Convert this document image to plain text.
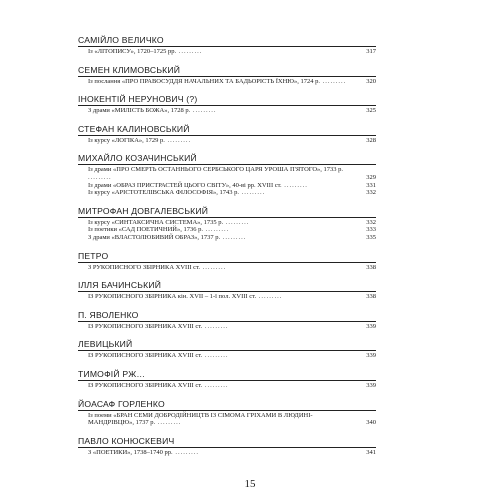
САМІЙЛО ВЕЛИЧКО
Із «ЛІТОПИСУ», 1720–1725 рр. .........	317
СЕМЕН КЛИМОВСЬКИЙ
Із послання «ПРО ПРАВОСУДДЯ НАЧАЛЬНИХ ТА БАДЬОРІСТЬ ЇХНЮ», 1724 р. .........	320
ІНОКЕНТІЙ НЕРУНОВИЧ (?)
З драми «МИЛІСТЬ БОЖА», 1728 р. .........	325
СТЕФАН КАЛИНОВСЬКИЙ
Із курсу «ЛОГІКА», 1729 р. .........	328
МИХАЙЛО КОЗАЧИНСЬКИЙ
Із драми «ПРО СМЕРТЬ ОСТАННЬОГО СЕРБСЬКОГО ЦАРЯ УРОША П'ЯТОГО», 1733 р. .........	329
Із драми «ОБРАЗ ПРИСТРАСТЕЙ ЦЬОГО СВІТУ», 40-ві рр. XVIII ст. .........	331
Із курсу «АРІСТОТЕЛІВСЬКА ФІЛОСОФІЯ», 1743 р. .........	332
МИТРОФАН ДОВГАЛЕВСЬКИЙ
Із курсу «СИНТАКСИЧНА СИСТЕМА», 1735 р. .........	332
Із поетики «САД ПОЕТИЧНИЙ», 1736 р. .........	333
З драми «ВЛАСТОЛЮБИВИЙ ОБРАЗ», 1737 р. .........	335
ПЕТРО
З РУКОПИСНОГО ЗБІРНИКА XVIII ст. .........	338
ІЛЛЯ БАЧИНСЬКИЙ
ІЗ РУКОПИСНОГО ЗБІРНИКА кін. XVII – 1-ї пол. XVIII ст. .........	338
П. ЯВОЛЕНКО
ІЗ РУКОПИСНОГО ЗБІРНИКА XVIII ст. .........	339
ЛЕВИЦЬКИЙ
ІЗ РУКОПИСНОГО ЗБІРНИКА XVIII ст. .........	339
ТИМОФІЙ РЖ…
ІЗ РУКОПИСНОГО ЗБІРНИКА XVIII ст. .........	339
ЙОАСАФ ГОРЛЕНКО
Із поеми «БРАН СЕМИ ДОБРОДІЙНИЦТВ ІЗ СІМОМА ГРІХАМИ В ЛЮДИНІ-МАНДРІВЦЮ», 1737 р. .........	340
ПАВЛО КОНЮСКЕВИЧ
З «ПОЕТИКИ», 1738–1740 рр. .........	341
15
